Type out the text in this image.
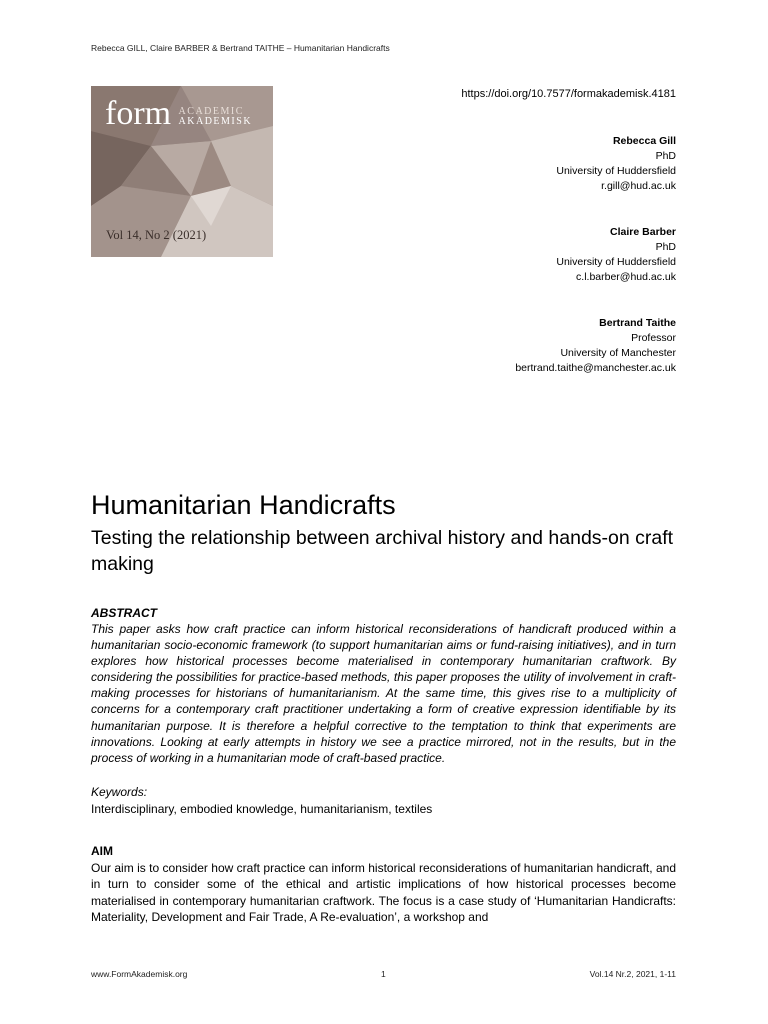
Rebecca GILL, Claire BARBER & Bertrand TAITHE – Humanitarian Handicrafts
form ACADEMIC
AKADEMISK
Vol 14, No 2 (2021)
https://doi.org/10.7577/formakademisk.4181
Rebecca Gill
PhD
University of Huddersfield
r.gill@hud.ac.uk
Claire Barber
PhD
University of Huddersfield
c.l.barber@hud.ac.uk
Bertrand Taithe
Professor
University of Manchester
bertrand.taithe@manchester.ac.uk
Humanitarian Handicrafts
Testing the relationship between archival history and hands-on craft making
ABSTRACT
This paper asks how craft practice can inform historical reconsiderations of handicraft produced within a humanitarian socio-economic framework (to support humanitarian aims or fund-raising initiatives), and in turn explores how historical processes become materialised in contemporary humanitarian craftwork. By considering the possibilities for practice-based methods, this paper proposes the utility of involvement in craft-making processes for historians of humanitarianism. At the same time, this gives rise to a multiplicity of concerns for a contemporary craft practitioner undertaking a form of creative expression identifiable by its humanitarian purpose. It is therefore a helpful corrective to the temptation to think that experiments are innovations. Looking at early attempts in history we see a practice mirrored, not in the results, but in the process of working in a humanitarian mode of craft-based practice.
Keywords:
Interdisciplinary, embodied knowledge, humanitarianism, textiles
AIM
Our aim is to consider how craft practice can inform historical reconsiderations of humanitarian handicraft, and in turn to consider some of the ethical and artistic implications of how historical processes become materialised in contemporary humanitarian craftwork. The focus is a case study of ‘Humanitarian Handicrafts: Materiality, Development and Fair Trade, A Re-evaluation’, a workshop and
www.FormAkademisk.org	1	Vol.14 Nr.2, 2021, 1-11
